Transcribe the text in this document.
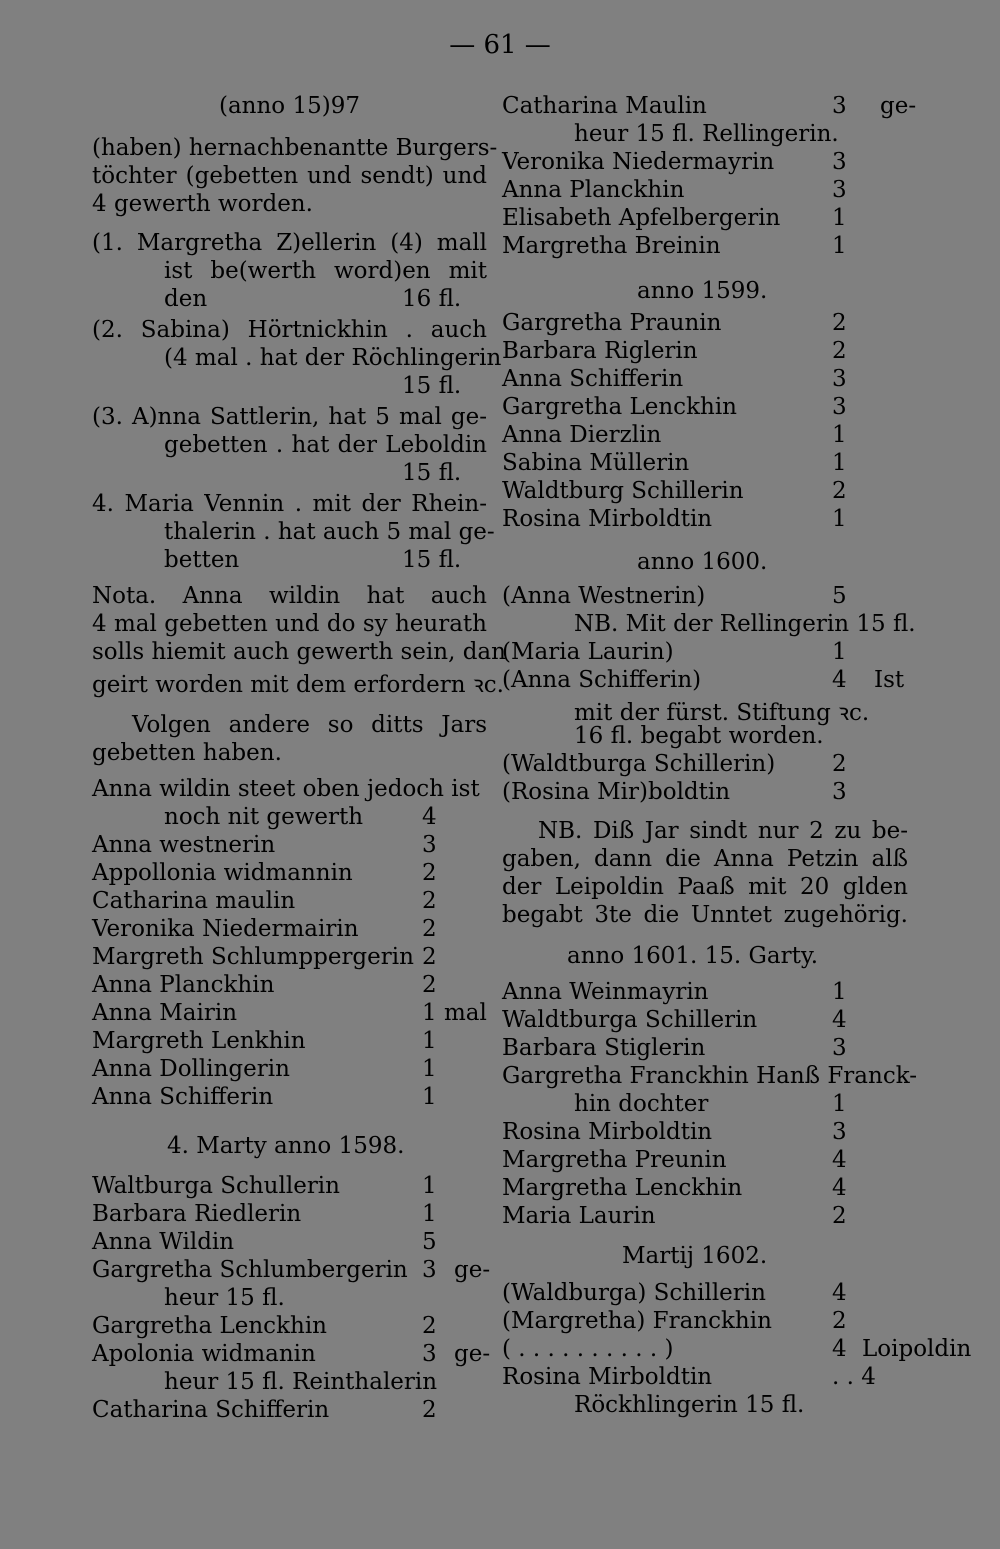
— 61 —
(anno 15)97
(haben) hernachbenantte Burgers-
töchter (gebetten und sendt) und
4 gewerth worden.
(1. Margretha Z)ellerin (4) mall
ist be(werth word)en mit
den	16 fl.
(2. Sabina) Hörtnickhin . auch
(4 mal . hat der Röchlingerin
15 fl.
(3. A)nna Sattlerin, hat 5 mal ge-
gebetten . hat der Leboldin
15 fl.
4. Maria Vennin . mit der Rhein-
thalerin . hat auch 5 mal ge-
betten	15 fl.
Nota. Anna wildin hat auch
4 mal gebetten und do sy heurath
solls hiemit auch gewerth sein, dan
geirt worden mit dem erfordern ꝛc.
Volgen andere so ditts Jars
gebetten haben.
Anna wildin steet oben jedoch ist
noch nit gewerth	4
Anna westnerin	3
Appollonia widmannin	2
Catharina maulin	2
Veronika Niedermairin	2
Margreth Schlumppergerin 2
Anna Planckhin	2
Anna Mairin	1 mal
Margreth Lenkhin	1
Anna Dollingerin	1
Anna Schifferin	1
4. Marty anno 1598.
Waltburga Schullerin	1
Barbara Riedlerin	1
Anna Wildin	5
Gargretha Schlumbergerin 3 ge-
heur 15 fl.
Gargretha Lenckhin	2
Apolonia widmanin	3 ge-
heur 15 fl. Reinthalerin
Catharina Schifferin	2
Catharina Maulin	3 ge-
heur 15 fl. Rellingerin.
Veronika Niedermayrin	3
Anna Planckhin	3
Elisabeth Apfelbergerin 1
Margretha Breinin	1
anno 1599.
Gargretha Praunin	2
Barbara Riglerin	2
Anna Schifferin	3
Gargretha Lenckhin	3
Anna Dierzlin	1
Sabina Müllerin	1
Waldtburg Schillerin	2
Rosina Mirboldtin	1
anno 1600.
(Anna Westnerin)	5
NB. Mit der Rellingerin 15 fl.
(Maria Laurin)	1
(Anna Schifferin)	4 Ist
mit der fürst. Stiftung ꝛc.
16 fl. begabt worden.
(Waldtburga Schillerin) 2
(Rosina Mir)boldtin	3
NB. Diß Jar sindt nur 2 zu be-
gaben, dann die Anna Petzin alß
der Leipoldin Paaß mit 20 glden
begabt 3te die Unntet zugehörig.
anno 1601. 15. Garty.
Anna Weinmayrin	1
Waldtburga Schillerin	4
Barbara Stiglerin	3
Gargretha Franckhin Hanß Franck-
hin dochter	1
Rosina Mirboldtin	3
Margretha Preunin	4
Margretha Lenckhin	4
Maria Laurin	2
Martij 1602.
(Waldburga) Schillerin	4
(Margretha) Franckhin	2
( . . . . . . . . . . )	4 Loipoldin
Rosina Mirboldtin	. . 4
Röckhlingerin 15 fl.
